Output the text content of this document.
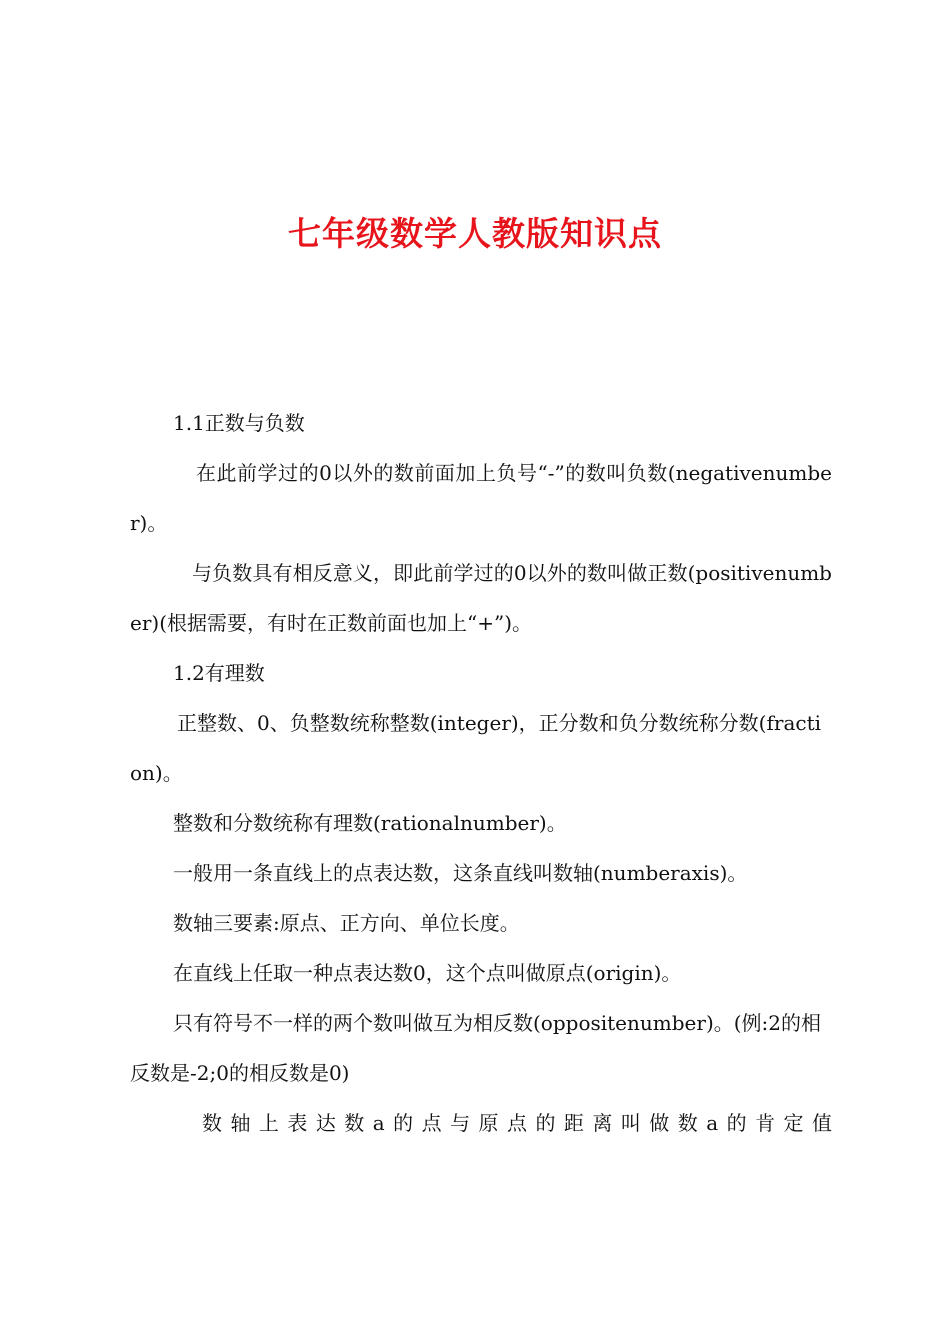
七年级数学人教版知识点

1.1正数与负数

在此前学过的0以外的数前面加上负号“-”的数叫负数(negativenumber)。

与负数具有相反意义，即此前学过的0以外的数叫做正数(positivenumber)(根据需要，有时在正数前面也加上“+”)。

1.2有理数

正整数、0、负整数统称整数(integer)，正分数和负分数统称分数(fraction)。

整数和分数统称有理数(rationalnumber)。

一般用一条直线上的点表达数，这条直线叫数轴(numberaxis)。

数轴三要素:原点、正方向、单位长度。

在直线上任取一种点表达数0，这个点叫做原点(origin)。

只有符号不一样的两个数叫做互为相反数(oppositenumber)。(例:2的相反数是-2;0的相反数是0)

数轴上表达数a的点与原点的距离叫做数a的肯定值
